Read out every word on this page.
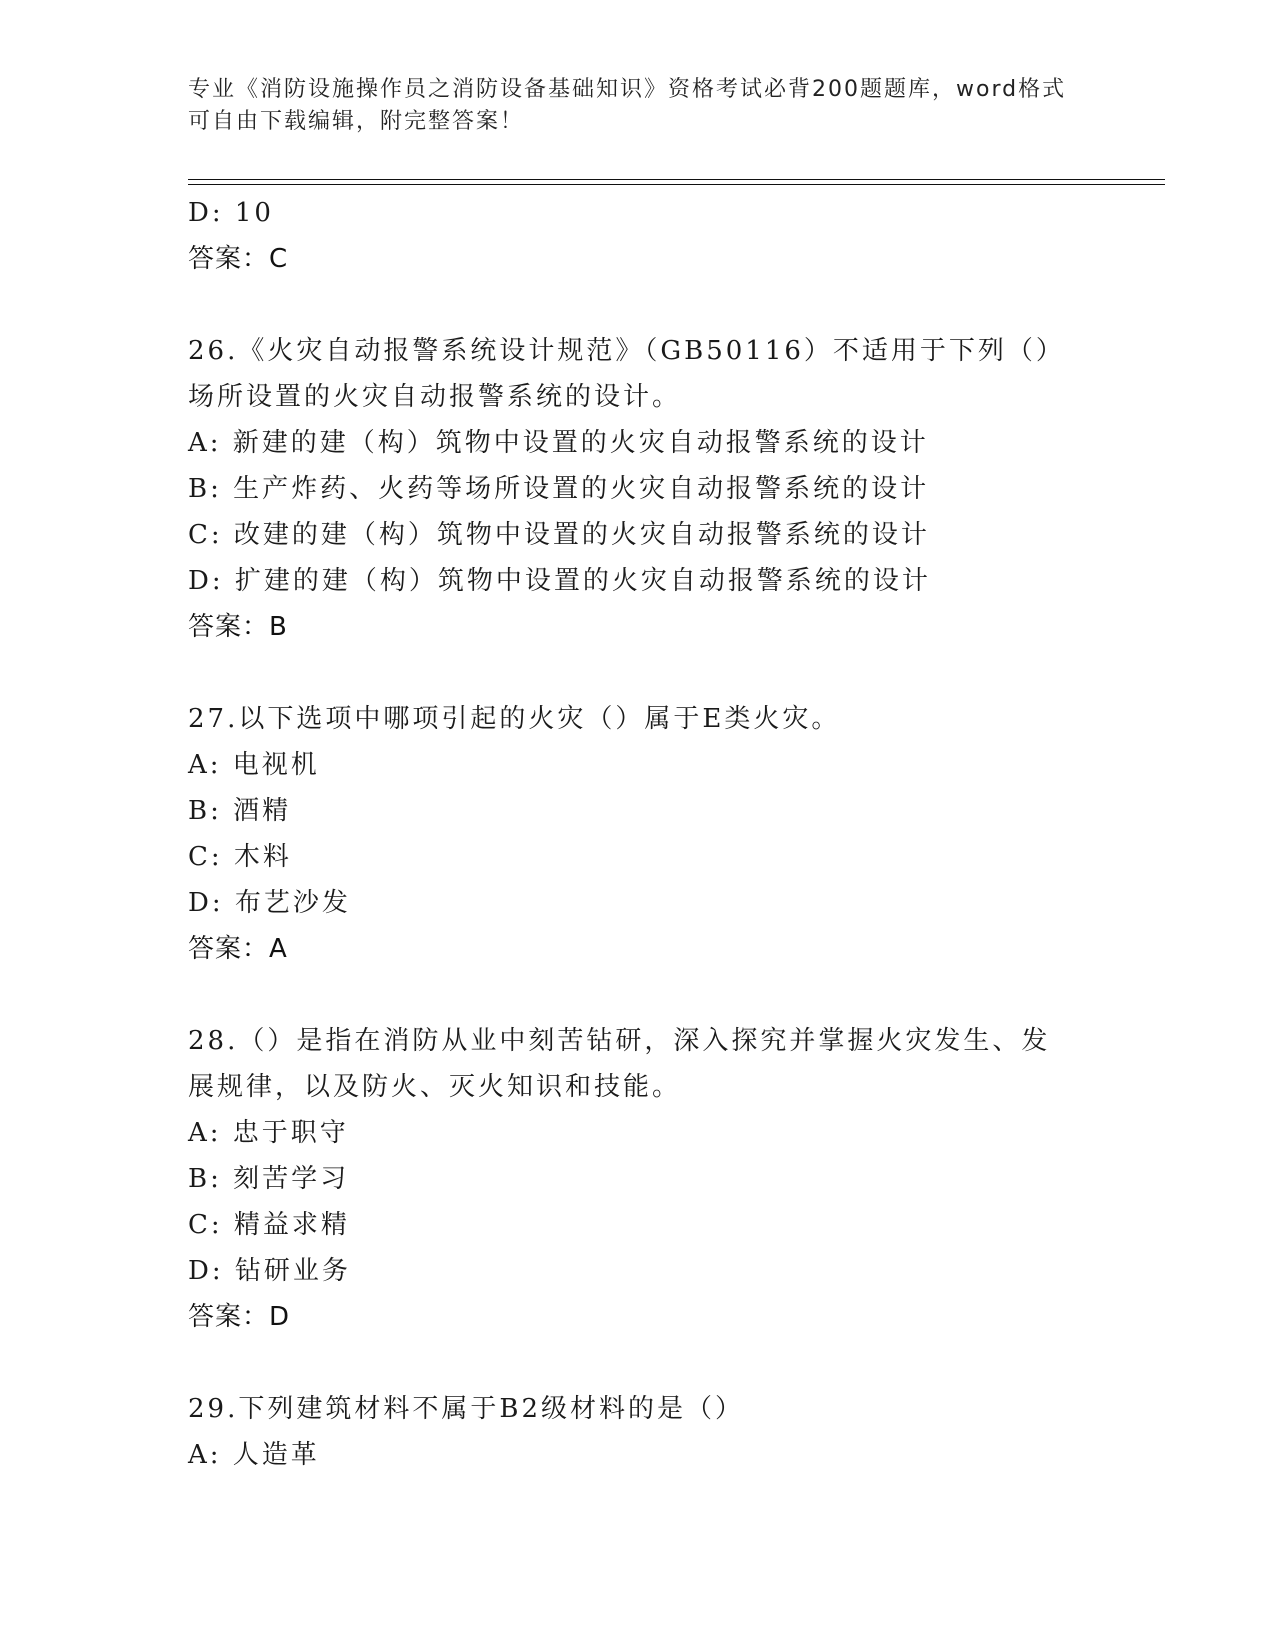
专业《消防设施操作员之消防设备基础知识》资格考试必背200题题库，word格式可自由下载编辑，附完整答案！
D: 10
答案：C
26.《火灾自动报警系统设计规范》（GB50116）不适用于下列（）场所设置的火灾自动报警系统的设计。
A: 新建的建（构）筑物中设置的火灾自动报警系统的设计
B: 生产炸药、火药等场所设置的火灾自动报警系统的设计
C: 改建的建（构）筑物中设置的火灾自动报警系统的设计
D: 扩建的建（构）筑物中设置的火灾自动报警系统的设计
答案：B
27.以下选项中哪项引起的火灾（）属于E类火灾。
A: 电视机
B: 酒精
C: 木料
D: 布艺沙发
答案：A
28.（）是指在消防从业中刻苦钻研，深入探究并掌握火灾发生、发展规律，以及防火、灭火知识和技能。
A: 忠于职守
B: 刻苦学习
C: 精益求精
D: 钻研业务
答案：D
29.下列建筑材料不属于B2级材料的是（）
A: 人造革
